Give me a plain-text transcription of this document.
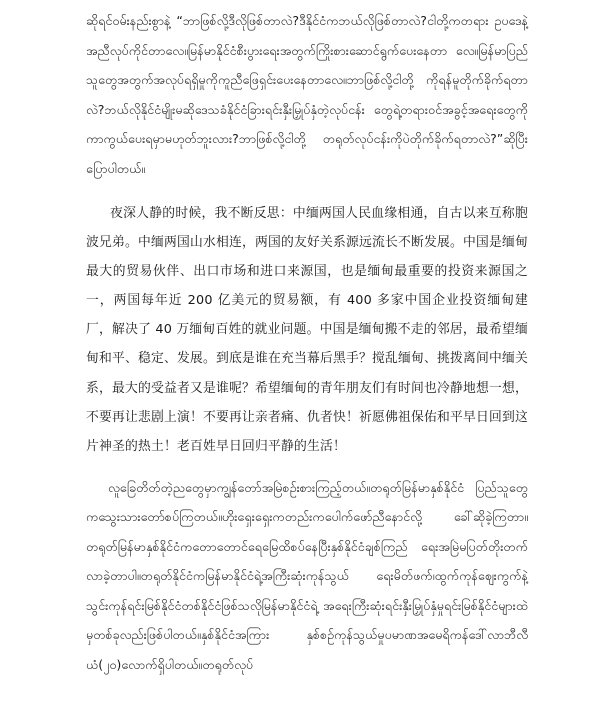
ဆိုရင်ဝမ်းနည်းစွာနဲ့ “ဘာဖြစ်လို့ဒီလိုဖြစ်တာလဲ?ဒီနိုင်ငံကဘယ်လိုဖြစ်တာလဲ?ငါတို့ကတရား ဥပဒေနဲ့အညီလုပ်ကိုင်တာလေ။မြန်မာနိုင်ငံစီးပွားရေးအတွက်ကြိုးစားဆောင်ရွက်ပေးနေတာ လေ။မြန်မာပြည်သူတွေအတွက်အလုပ်ရရှိမှုကိုကူညီဖြေရှင်းပေးနေတာလေ။ဘာဖြစ်လို့ငါတို့ ကိုရန်မူတိုက်ခိုက်ရတာလဲ?ဘယ်လိုနိုင်ငံမျိုးမဆိုဒေသခံနိုင်ငံခြားရင်းနှီးမြှုပ်နှံတဲ့လုပ်ငန်း တွေရဲ့တရားဝင်အခွင့်အရေးတွေကိုကာကွယ်ပေးရမှာမဟုတ်ဘူးလား?ဘာဖြစ်လို့ငါတို့ တရုတ်လုပ်ငန်းကိုပဲတိုက်ခိုက်ရတာလဲ?”ဆိုပြီးပြောပါတယ်။

夜深人静的时候，我不断反思：中缅两国人民血缘相通，自古以来互称胞波兄弟。中缅两国山水相连，两国的友好关系源远流长不断发展。中国是缅甸最大的贸易伙伴、出口市场和进口来源国，也是缅甸最重要的投资来源国之一，两国每年近 200 亿美元的贸易额，有 400 多家中国企业投资缅甸建厂，解决了 40 万缅甸百姓的就业问题。中国是缅甸搬不走的邻居，最希望缅甸和平、稳定、发展。到底是谁在充当幕后黑手？搅乱缅甸、挑拨离间中缅关系，最大的受益者又是谁呢？希望缅甸的青年朋友们有时间也冷静地想一想，不要再让悲剧上演！不要再让亲者痛、仇者快！祈愿佛祖保佑和平早日回到这片神圣的热土！老百姓早日回归平静的生活！

လူခြေတိတ်တဲ့ညတွေမှာကျွန်တော်အမြဲစဉ်းစားကြည့်တယ်။တရုတ်မြန်မာနှစ်နိုင်ငံ ပြည်သူတွေကသွေးသားတော်စပ်ကြတယ်။ဟိုးရှေးရှေးကတည်းကပေါက်ဖော်ညီနောင်လို့ ခေါ်ဆိုခဲ့ကြတာ။တရုတ်မြန်မာနှစ်နိုင်ငံကတောတောင်ရေမြေထိစပ်နေပြီးနှစ်နိုင်ငံချစ်ကြည် ရေးအမြဲမပြတ်တိုးတက်လာခဲ့တာပါ။တရုတ်နိုင်ငံကမြန်မာနိုင်ငံရဲ့အကြီးဆုံးကုန်သွယ် ရေးမိတ်ဖက်၊ထွက်ကုန်ဈေးကွက်နဲ့သွင်းကုန်ရင်းမြစ်နိုင်ငံတစ်နိုင်ငံဖြစ်သလိုမြန်မာနိုင်ငံရဲ့ အရေးကြီးဆုံးရင်းနှီးမြှုပ်နှံမှုရင်းမြစ်နိုင်ငံများထဲမှတစ်ခုလည်းဖြစ်ပါတယ်။နှစ်နိုင်ငံအကြား နှစ်စဉ်ကုန်သွယ်မှုပမာဏအမေရိကန်ဒေါ်လာဘီလီယံ(၂၀)လောက်ရှိပါတယ်။တရုတ်လုပ်
